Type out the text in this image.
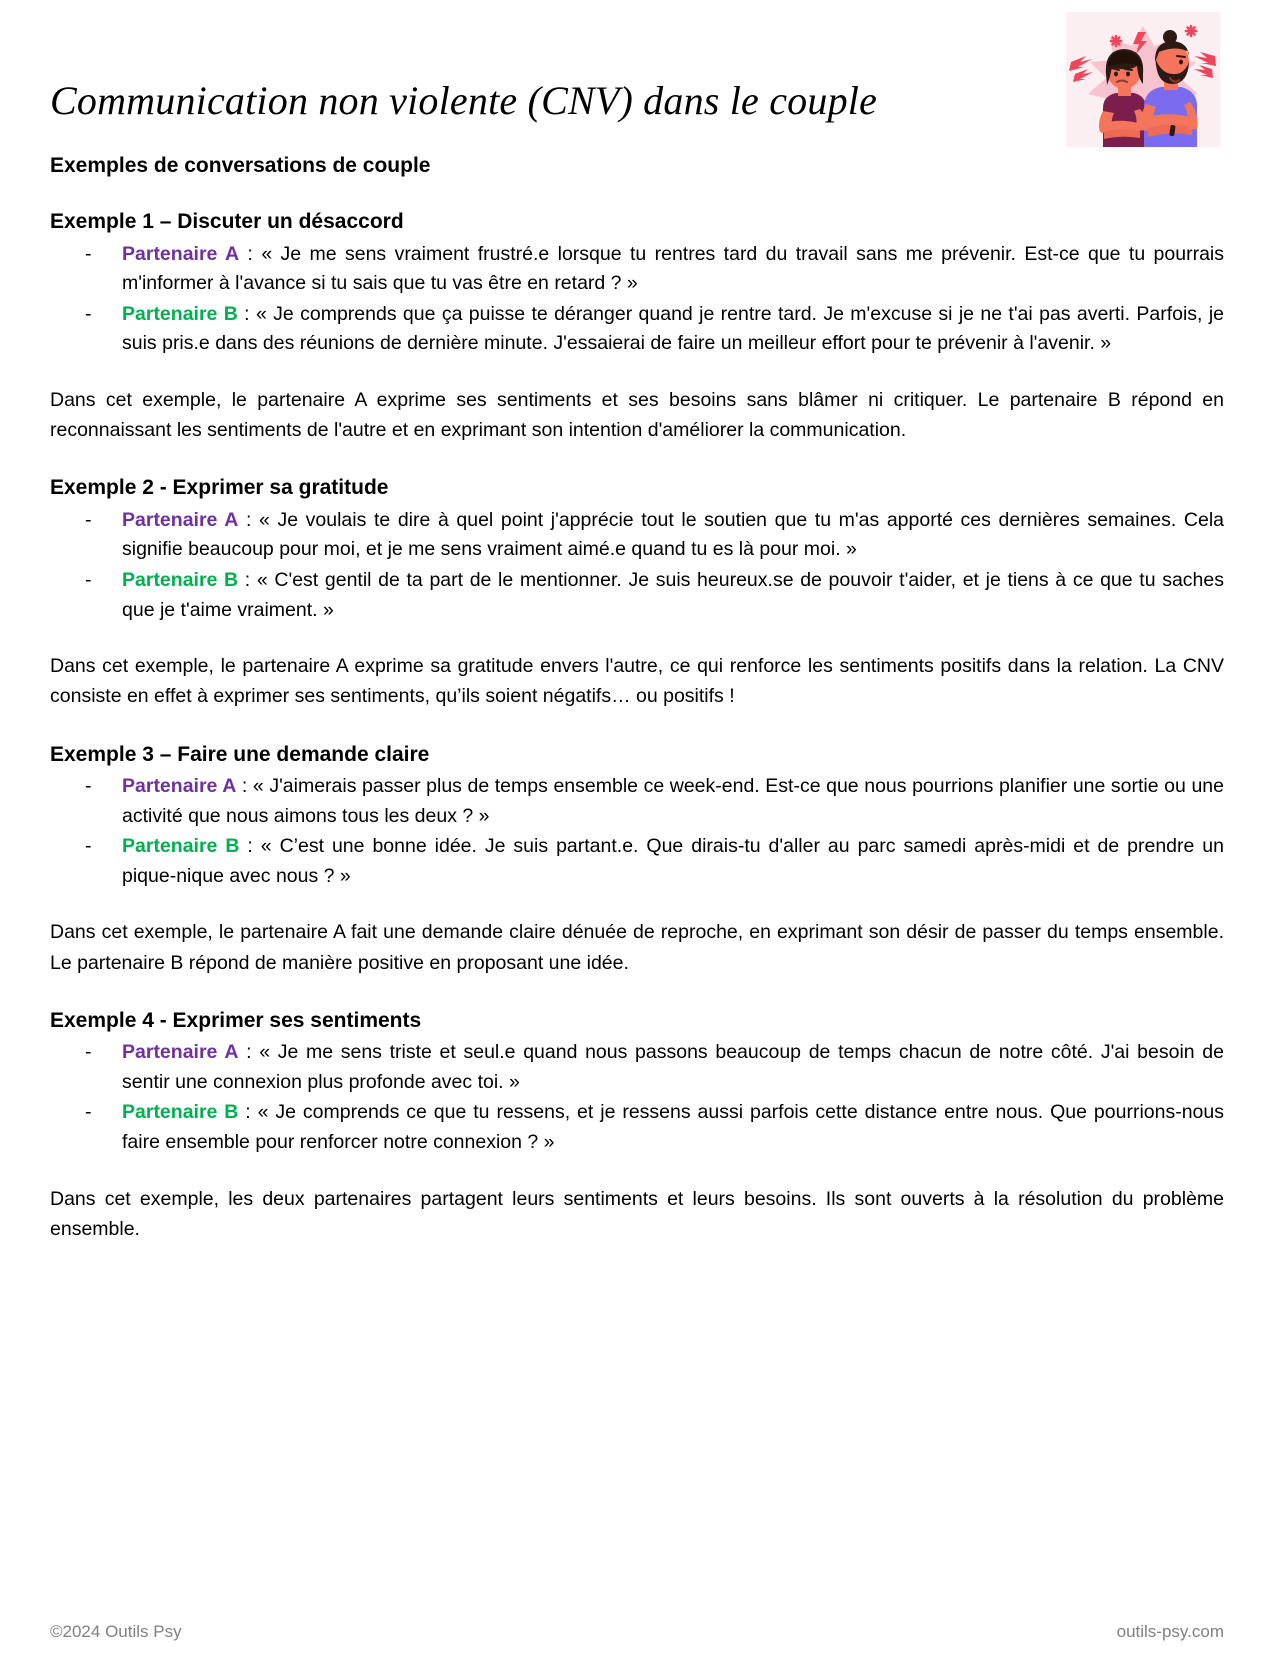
Communication non violente (CNV) dans le couple
Exemples de conversations de couple
Exemple 1 – Discuter un désaccord
- Partenaire A : « Je me sens vraiment frustré.e lorsque tu rentres tard du travail sans me prévenir. Est-ce que tu pourrais m'informer à l'avance si tu sais que tu vas être en retard ? »
- Partenaire B : « Je comprends que ça puisse te déranger quand je rentre tard. Je m'excuse si je ne t'ai pas averti. Parfois, je suis pris.e dans des réunions de dernière minute. J'essaierai de faire un meilleur effort pour te prévenir à l'avenir. »

Dans cet exemple, le partenaire A exprime ses sentiments et ses besoins sans blâmer ni critiquer. Le partenaire B répond en reconnaissant les sentiments de l'autre et en exprimant son intention d'améliorer la communication.

Exemple 2 - Exprimer sa gratitude
- Partenaire A : « Je voulais te dire à quel point j'apprécie tout le soutien que tu m'as apporté ces dernières semaines. Cela signifie beaucoup pour moi, et je me sens vraiment aimé.e quand tu es là pour moi. »
- Partenaire B : « C'est gentil de ta part de le mentionner. Je suis heureux.se de pouvoir t'aider, et je tiens à ce que tu saches que je t'aime vraiment. »

Dans cet exemple, le partenaire A exprime sa gratitude envers l'autre, ce qui renforce les sentiments positifs dans la relation. La CNV consiste en effet à exprimer ses sentiments, qu’ils soient négatifs… ou positifs !

Exemple 3 – Faire une demande claire
- Partenaire A : « J'aimerais passer plus de temps ensemble ce week-end. Est-ce que nous pourrions planifier une sortie ou une activité que nous aimons tous les deux ? »
- Partenaire B : « C’est une bonne idée. Je suis partant.e. Que dirais-tu d'aller au parc samedi après-midi et de prendre un pique-nique avec nous ? »

Dans cet exemple, le partenaire A fait une demande claire dénuée de reproche, en exprimant son désir de passer du temps ensemble. Le partenaire B répond de manière positive en proposant une idée.

Exemple 4 - Exprimer ses sentiments
- Partenaire A : « Je me sens triste et seul.e quand nous passons beaucoup de temps chacun de notre côté. J'ai besoin de sentir une connexion plus profonde avec toi. »
- Partenaire B : « Je comprends ce que tu ressens, et je ressens aussi parfois cette distance entre nous. Que pourrions-nous faire ensemble pour renforcer notre connexion ? »

Dans cet exemple, les deux partenaires partagent leurs sentiments et leurs besoins. Ils sont ouverts à la résolution du problème ensemble.

©2024 Outils Psy	outils-psy.com
